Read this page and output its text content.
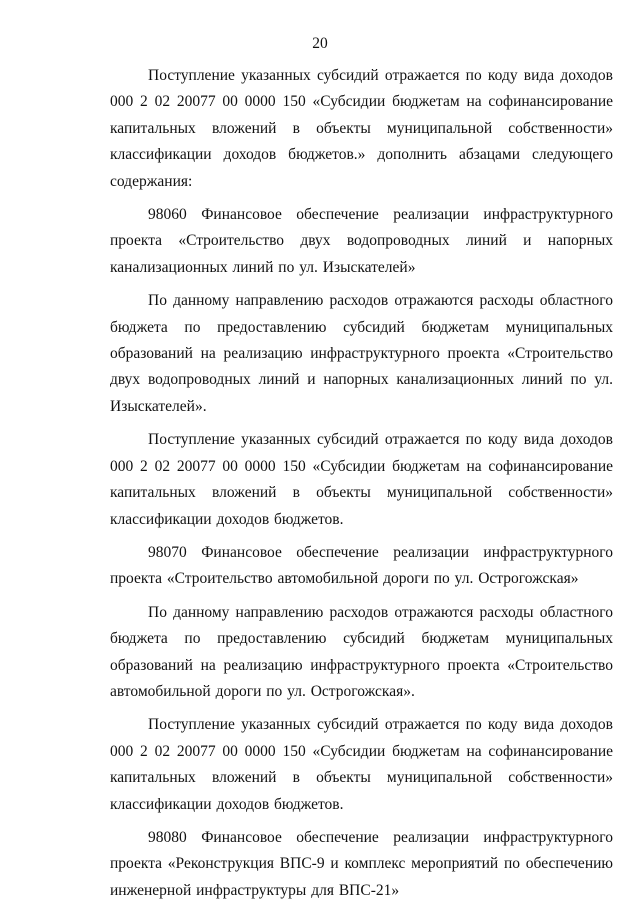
20

Поступление указанных субсидий отражается по коду вида доходов 000 2 02 20077 00 0000 150 «Субсидии бюджетам на софинансирование капитальных вложений в объекты муниципальной собственности» классификации доходов бюджетов.» дополнить абзацами следующего содержания:

98060 Финансовое обеспечение реализации инфраструктурного проекта «Строительство двух водопроводных линий и напорных канализационных линий по ул. Изыскателей»

По данному направлению расходов отражаются расходы областного бюджета по предоставлению субсидий бюджетам муниципальных образований на реализацию инфраструктурного проекта «Строительство двух водопроводных линий и напорных канализационных линий по ул. Изыскателей».

Поступление указанных субсидий отражается по коду вида доходов 000 2 02 20077 00 0000 150 «Субсидии бюджетам на софинансирование капитальных вложений в объекты муниципальной собственности» классификации доходов бюджетов.

98070 Финансовое обеспечение реализации инфраструктурного проекта «Строительство автомобильной дороги по ул. Острогожская»

По данному направлению расходов отражаются расходы областного бюджета по предоставлению субсидий бюджетам муниципальных образований на реализацию инфраструктурного проекта «Строительство автомобильной дороги по ул. Острогожская».

Поступление указанных субсидий отражается по коду вида доходов 000 2 02 20077 00 0000 150 «Субсидии бюджетам на софинансирование капитальных вложений в объекты муниципальной собственности» классификации доходов бюджетов.

98080 Финансовое обеспечение реализации инфраструктурного проекта «Реконструкция ВПС-9 и комплекс мероприятий по обеспечению инженерной инфраструктуры для ВПС-21»
